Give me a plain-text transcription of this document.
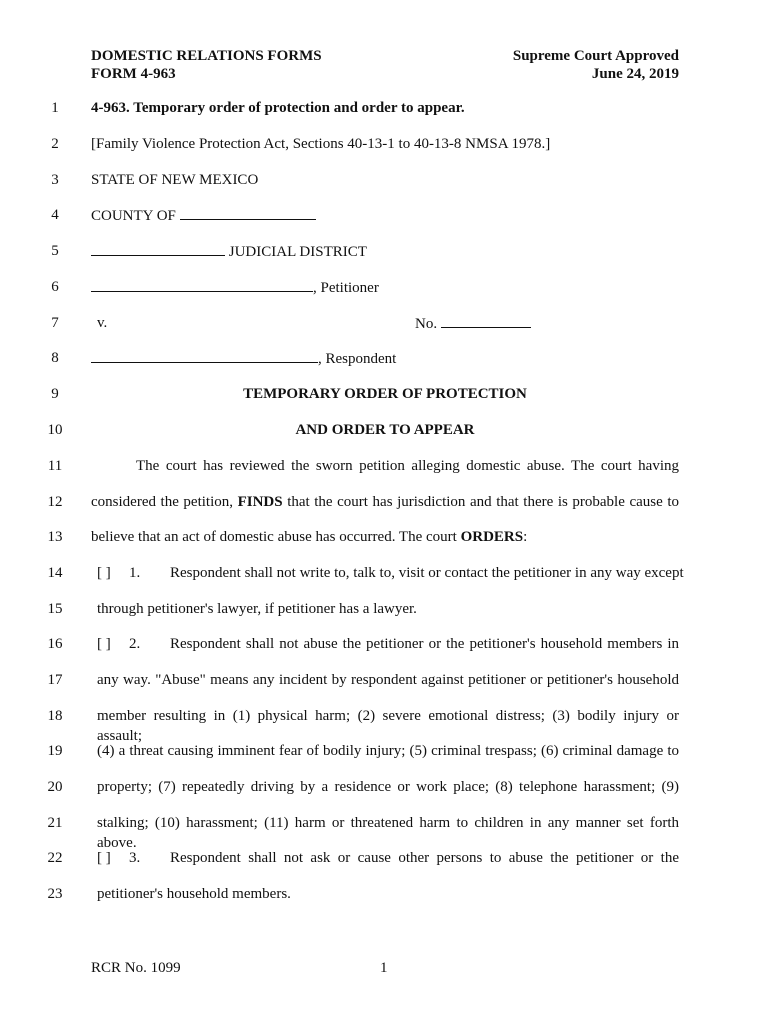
DOMESTIC RELATIONS FORMS
FORM 4-963
Supreme Court Approved
June 24, 2019
1	4-963. Temporary order of protection and order to appear.
2	[Family Violence Protection Act, Sections 40-13-1 to 40-13-8 NMSA 1978.]
3	STATE OF NEW MEXICO
4	COUNTY OF
5	JUDICIAL DISTRICT
6	, Petitioner
7	v.	No.
8	, Respondent
9	TEMPORARY ORDER OF PROTECTION
10	AND ORDER TO APPEAR
11	The court has reviewed the sworn petition alleging domestic abuse. The court having
12	considered the petition, FINDS that the court has jurisdiction and that there is probable cause to
13	believe that an act of domestic abuse has occurred. The court ORDERS:
14	[ ] 1. Respondent shall not write to, talk to, visit or contact the petitioner in any way except
15	through petitioner's lawyer, if petitioner has a lawyer.
16	[ ] 2. Respondent shall not abuse the petitioner or the petitioner's household members in
17	any way. "Abuse" means any incident by respondent against petitioner or petitioner's household
18	member resulting in (1) physical harm; (2) severe emotional distress; (3) bodily injury or assault;
19	(4) a threat causing imminent fear of bodily injury; (5) criminal trespass; (6) criminal damage to
20	property; (7) repeatedly driving by a residence or work place; (8) telephone harassment; (9)
21	stalking; (10) harassment; (11) harm or threatened harm to children in any manner set forth above.
22	[ ] 3. Respondent shall not ask or cause other persons to abuse the petitioner or the
23	petitioner's household members.
RCR No. 1099	1
